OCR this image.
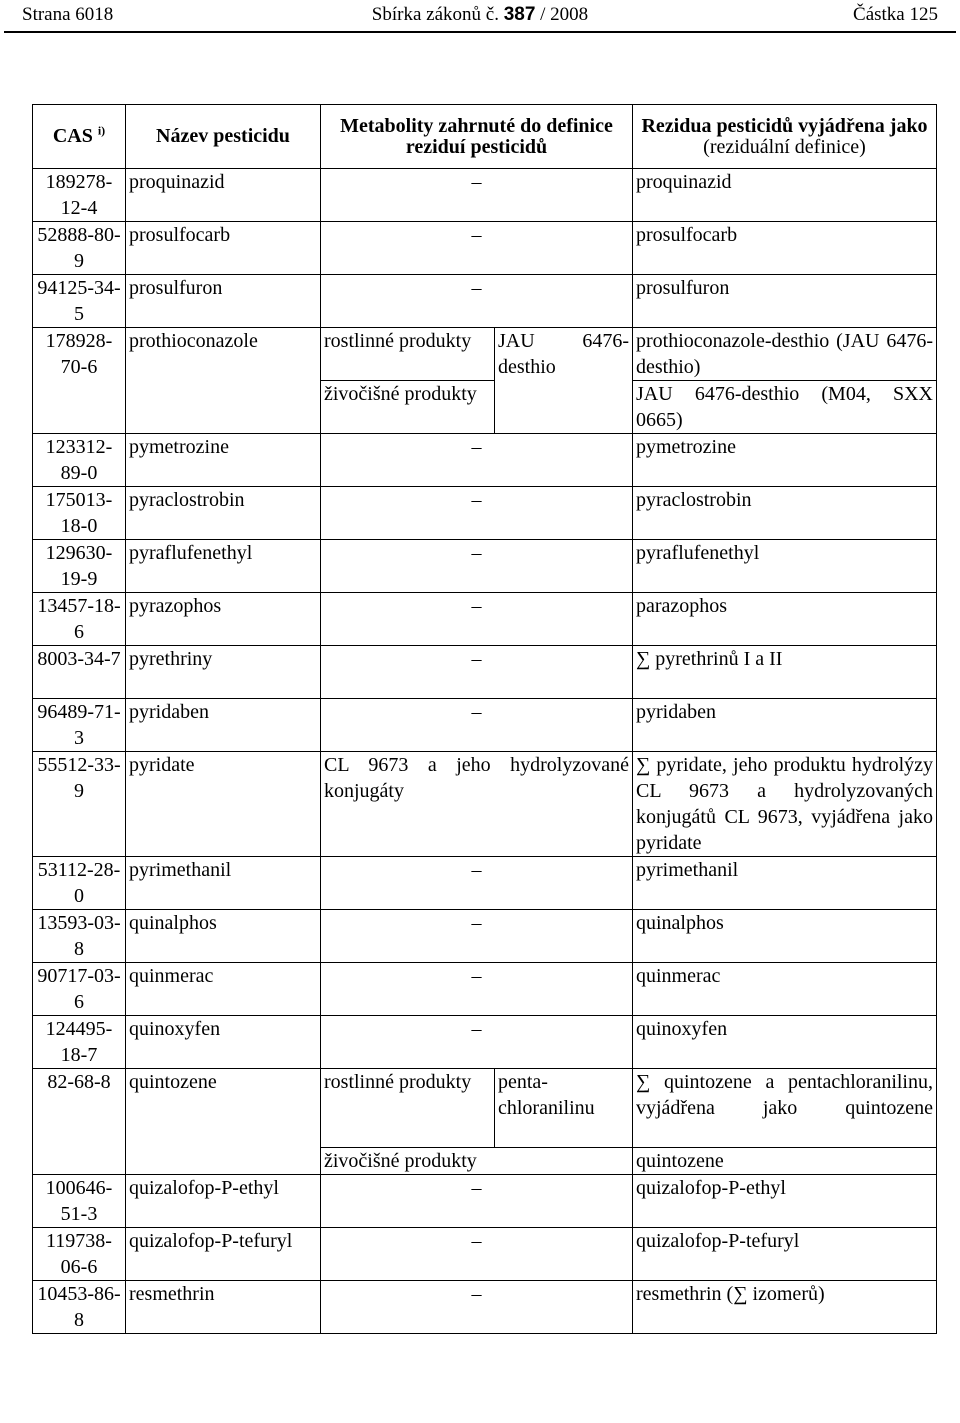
Strana 6018	Sbírka zákonů č. 387 / 2008	Částka 125
CAS $^{i)}$	Název pesticidu	Metabolity zahrnuté do definice reziduí pesticidů		Rezidua pesticidů vyjádřena jako
(reziduální definice)
189278-12-4	proquinazid	–		proquinazid
52888-80-9	prosulfocarb	–		prosulfocarb
94125-34-5	prosulfuron	–		prosulfuron
178928-70-6	prothioconazole	rostlinné produkty	JAU 6476-desthio	prothioconazole-desthio (JAU 6476-desthio)
		živočišné produkty		JAU 6476-desthio (M04, SXX 0665)
123312-89-0	pymetrozine	–		pymetrozine
175013-18-0	pyraclostrobin	–		pyraclostrobin
129630-19-9	pyraflufenethyl	–		pyraflufenethyl
13457-18-6	pyrazophos	–		parazophos
8003-34-7	pyrethriny	–		∑ pyrethrinů I a II
96489-71-3	pyridaben	–		pyridaben
55512-33-9	pyridate	CL 9673 a jeho hydrolyzované konjugáty		∑ pyridate, jeho produktu hydrolýzy CL 9673 a hydrolyzovaných konjugátů CL 9673, vyjádřena jako pyridate
53112-28-0	pyrimethanil	–		pyrimethanil
13593-03-8	quinalphos	–		quinalphos
90717-03-6	quinmerac	–		quinmerac
124495-18-7	quinoxyfen	–		quinoxyfen
82-68-8	quintozene	rostlinné produkty	penta-chloranilinu	∑ quintozene a pentachloranilinu, vyjádřena jako quintozene
		živočišné produkty		quintozene
100646-51-3	quizalofop-P-ethyl	–		quizalofop-P-ethyl
119738-06-6	quizalofop-P-tefuryl	–		quizalofop-P-tefuryl
10453-86-8	resmethrin	–		resmethrin (∑ izomerů)
